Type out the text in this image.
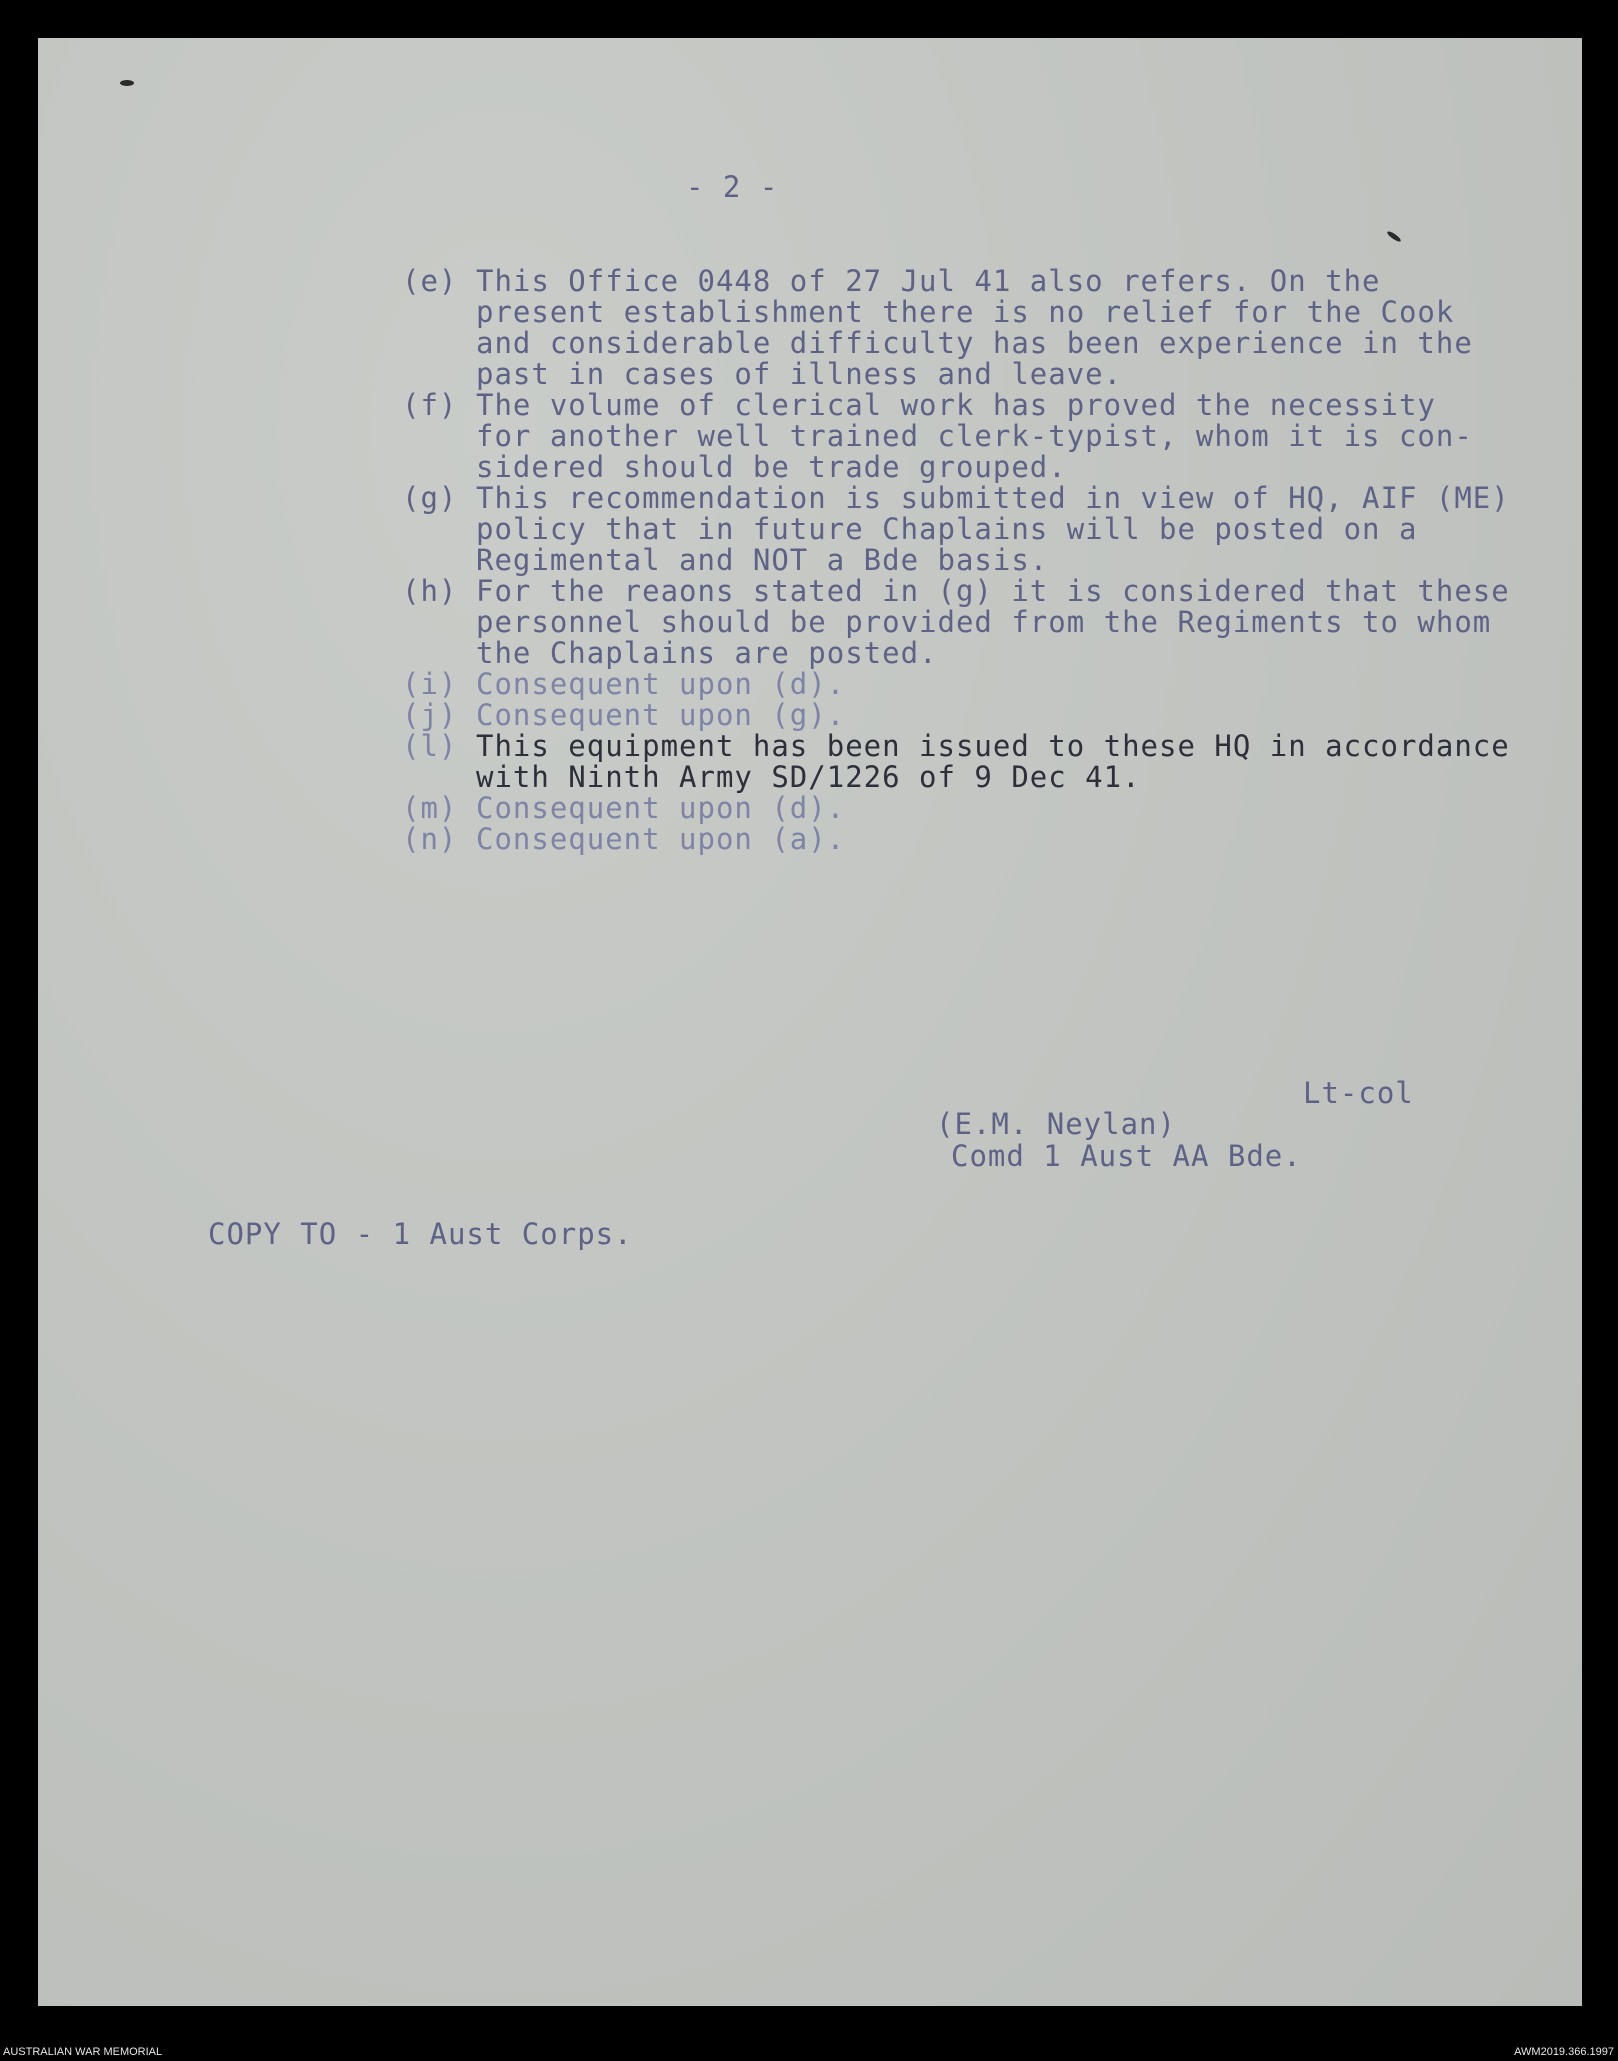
- 2 -

(e) This Office 0448 of 27 Jul 41 also refers. On the
present establishment there is no relief for the Cook
and considerable difficulty has been experience in the
past in cases of illness and leave.

(f) The volume of clerical work has proved the necessity
for another well trained clerk-typist, whom it is con-
sidered should be trade grouped.

(g) This recommendation is submitted in view of HQ, AIF (ME)
policy that in future Chaplains will be posted on a
Regimental and NOT a Bde basis.

(h) For the reaons stated in (g) it is considered that these
personnel should be provided from the Regiments to whom
the Chaplains are posted.

(i) Consequent upon (d).

(j) Consequent upon (g).

(l) This equipment has been issued to these HQ in accordance
with Ninth Army SD/1226 of 9 Dec 41.

(m) Consequent upon (d).

(n) Consequent upon (a).

Lt-col

(E.M. Neylan)

Comd 1 Aust AA Bde.

COPY TO - 1 Aust Corps.

AUSTRALIAN WAR MEMORIAL	AWM2019.366.1997
